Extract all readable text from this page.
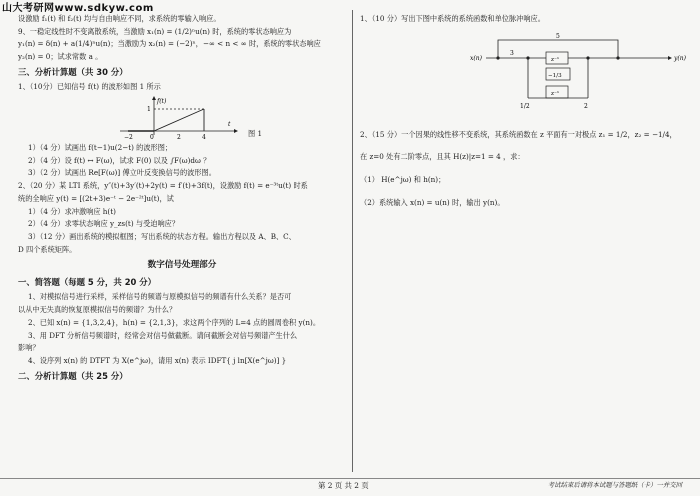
山大考研网www.sdkyw.com

设激励 f₁(t) 和 f₂(t) 均与自由响应不同，求系统的零输入响应。

9、一稳定线性时不变离散系统，当激励 x₁(n) = (1/2)ⁿu(n) 时，系统的零状态响应为

y₁(n) = δ(n) + a(1/4)ⁿu(n)；当激励为 x₂(n) = (−2)ⁿ，−∞ < n < ∞ 时，系统的零状态响应

y₂(n) = 0；试求常数 a 。

三、分析计算题（共 30 分）

1、（10分）已知信号 f(t) 的波形如图 1 所示

f(t)
1
−2	0	2	4
t
图 1

1）（4 分）试画出 f(t−1)u(2−t) 的波形图；

2）（4 分）设 f(t) ↔ F(ω)，试求 F(0) 以及 ∫F(ω)dω ？

3）（2 分）试画出 Re[F(ω)] 傅立叶反变换信号的波形图。

2、（20 分）某 LTI 系统，y″(t)+3y′(t)+2y(t) = f′(t)+3f(t)，设激励 f(t) = e⁻³ᵗu(t) 时系

统的全响应 y(t) = [(2t+3)e⁻ᵗ − 2e⁻²ᵗ]u(t)，试

1）（4 分）求冲激响应 h(t)

2）（4 分）求零状态响应 y_zs(t) 与受迫响应？

3）（12 分）画出系统的模拟框图；写出系统的状态方程。输出方程以及 A、B、C、

D 四个系统矩阵。

数字信号处理部分
一、简答题（每题 5 分，共 20 分）

1、对模拟信号进行采样，采样信号的频谱与原模拟信号的频谱有什么关系？是否可

以从中无失真的恢复原模拟信号的频谱？为什么？

2、已知 x(n) = {1,3,2,4}，h(n) = {2,1,3}，求这两个序列的 L=4 点的圆周卷积 y(n)。

3、用 DFT 分析信号频谱时，经常会对信号做截断。请问截断会对信号频谱产生什么

影响？

4、设序列 x(n) 的 DTFT 为 X(e^jω)，请用 x(n) 表示 IDFT{ j ln[X(e^jω)] }

二、分析计算题（共 25 分）

1、（10 分）写出下图中系统的系统函数和单位脉冲响应。

x(n)	y(n)
5
3
z⁻¹
−1/3
z⁻¹
1/2	2

2、（15 分）一个因果的线性移不变系统，其系统函数在 z 平面有一对极点 z₁ = 1/2，z₂ = −1/4，

在 z=0 处有二阶零点，且其 H(z)|z=1 = 4 ，求：

（1） H(e^jω) 和 h(n)；

（2）系统输入 x(n) = u(n) 时，输出 y(n)。

第 2 页 共 2 页	考试结束后请将本试题与答题纸（卡）一并交回
